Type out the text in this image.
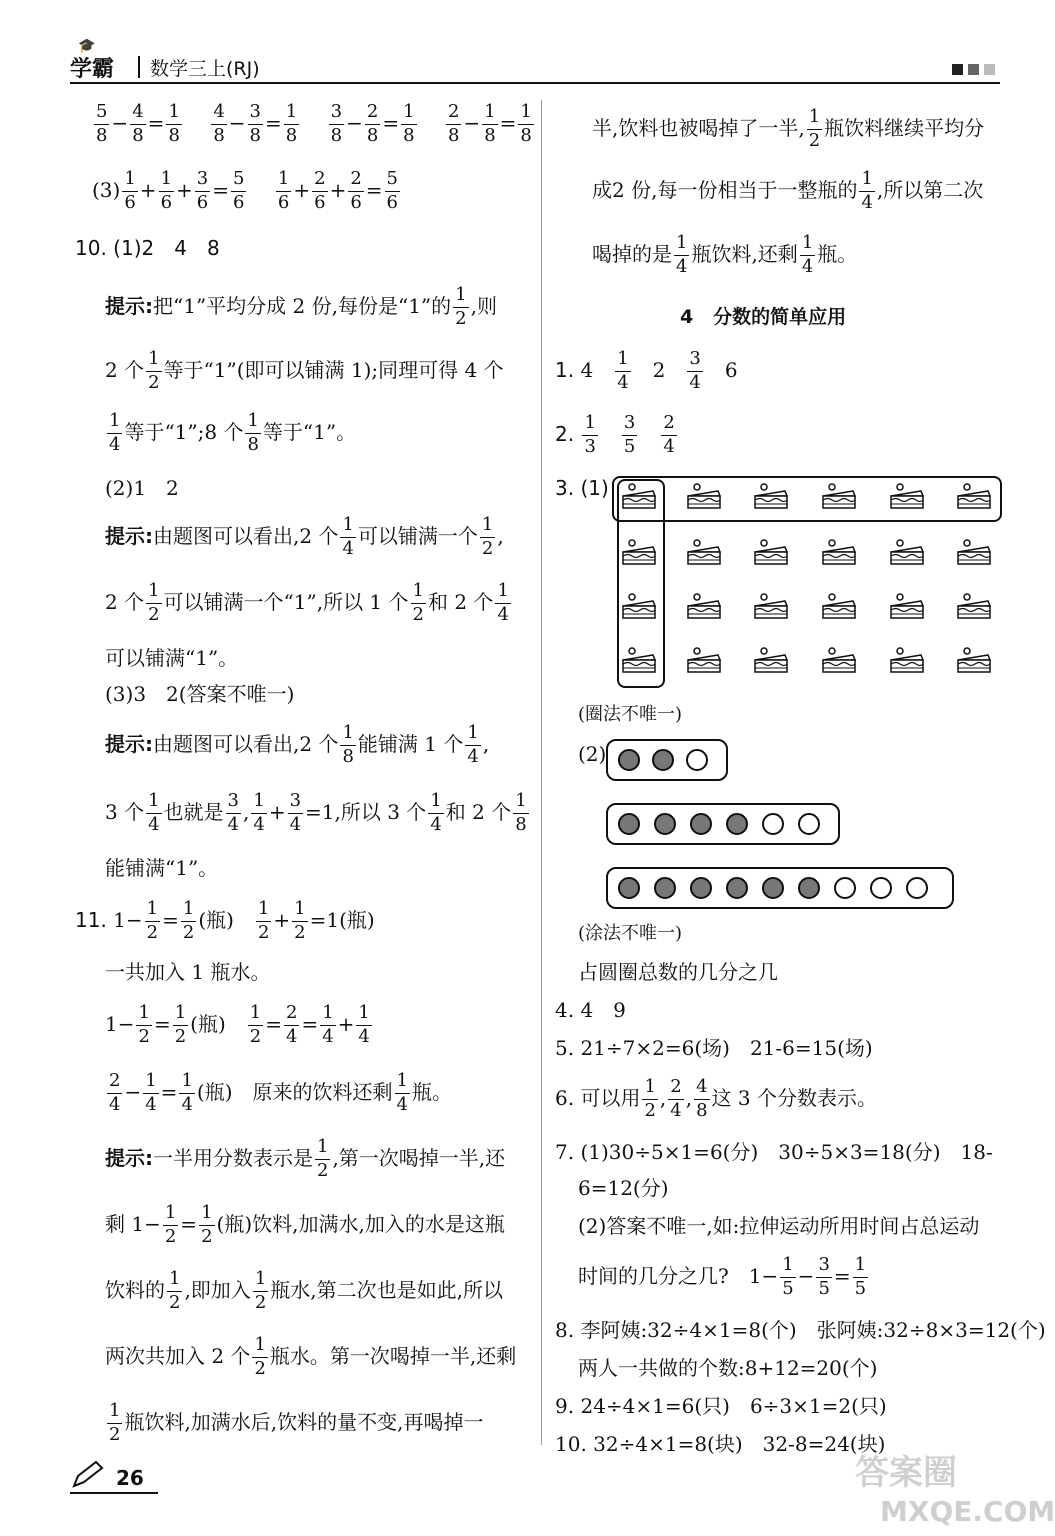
🎓
学霸 数学三上(RJ)
$\frac{5}{8} - \frac{4}{8} = \frac{1}{8}$
$\frac{4}{8} - \frac{3}{8} = \frac{1}{8}$
$\frac{3}{8} - \frac{2}{8} = \frac{1}{8}$
$\frac{2}{8} - \frac{1}{8} = \frac{1}{8}$
$(3) \frac{1}{6} + \frac{1}{6} + \frac{3}{6} = \frac{5}{6}$
$\frac{1}{6} + \frac{2}{6} + \frac{2}{6} = \frac{5}{6}$
10. (1)2　4　8
提示:把“1”平均分成 2 份,每份是“1”的 $\frac{1}{2}$ ,则
2 个 $\frac{1}{2}$ 等于“1”(即可以铺满 1);同理可得 4 个
$\frac{1}{4}$ 等于“1”;8 个 $\frac{1}{8}$ 等于“1”。
(2)1　2
提示:由题图可以看出,2 个 $\frac{1}{4}$ 可以铺满一个 $\frac{1}{2}$ ,
2 个 $\frac{1}{2}$ 可以铺满一个“1”,所以 1 个 $\frac{1}{2}$ 和 2 个 $\frac{1}{4}$
可以铺满“1”。
(3)3　2(答案不唯一)
提示:由题图可以看出,2 个 $\frac{1}{8}$ 能铺满 1 个 $\frac{1}{4}$ ,
3 个 $\frac{1}{4}$ 也就是 $\frac{3}{4}$ , $\frac{1}{4} + \frac{3}{4} =1$,所以 3 个 $\frac{1}{4}$ 和 2 个 $\frac{1}{8}$
能铺满“1”。
11. $1- \frac{1}{2} = \frac{1}{2}$ (瓶)　 $\frac{1}{2} + \frac{1}{2} =1$(瓶)
一共加入 1 瓶水。
$1- \frac{1}{2} = \frac{1}{2}$ (瓶)　 $\frac{1}{2} = \frac{2}{4} = \frac{1}{4} + \frac{1}{4}$
$\frac{2}{4} - \frac{1}{4} = \frac{1}{4}$ (瓶)　原来的饮料还剩 $\frac{1}{4}$ 瓶。
提示:一半用分数表示是 $\frac{1}{2}$ ,第一次喝掉一半,还
剩 $1- \frac{1}{2} = \frac{1}{2}$ (瓶)饮料,加满水,加入的水是这瓶
饮料的 $\frac{1}{2}$ ,即加入 $\frac{1}{2}$ 瓶水,第二次也是如此,所以
两次共加入 2 个 $\frac{1}{2}$ 瓶水。第一次喝掉一半,还剩
$\frac{1}{2}$ 瓶饮料,加满水后,饮料的量不变,再喝掉一
半,饮料也被喝掉了一半, $\frac{1}{2}$ 瓶饮料继续平均分
成2 份,每一份相当于一整瓶的 $\frac{1}{4}$ ,所以第二次
喝掉的是 $\frac{1}{4}$ 瓶饮料,还剩 $\frac{1}{4}$ 瓶。
4 分数的简单应用
1. 4　 $\frac{1}{4}$ 　2　 $\frac{3}{4}$ 　6
2. $\frac{1}{3}$
　 $\frac{3}{5}$
　 $\frac{2}{4}$
3. (1)
(圈法不唯一)
(2)
(涂法不唯一)
占圆圈总数的几分之几
4. 4　9
5. 21÷7×2=6(场)　21-6=15(场)
6. 可以用 $\frac{1}{2}$ , $\frac{2}{4}$ , $\frac{4}{8}$ 这 3 个分数表示。
7. (1)30÷5×1=6(分)　30÷5×3=18(分)　18-
6=12(分)
(2)答案不唯一,如:拉伸运动所用时间占总运动
时间的几分之几?　$1- \frac{1}{5} - \frac{3}{5} = \frac{1}{5}$
8. 李阿姨:32÷4×1=8(个)　张阿姨:32÷8×3=12(个)
两人一共做的个数:8+12=20(个)
9. 24÷4×1=6(只)　6÷3×1=2(只)
10. 32÷4×1=8(块)　32-8=24(块)
26	答案圈
MXQE.COM
